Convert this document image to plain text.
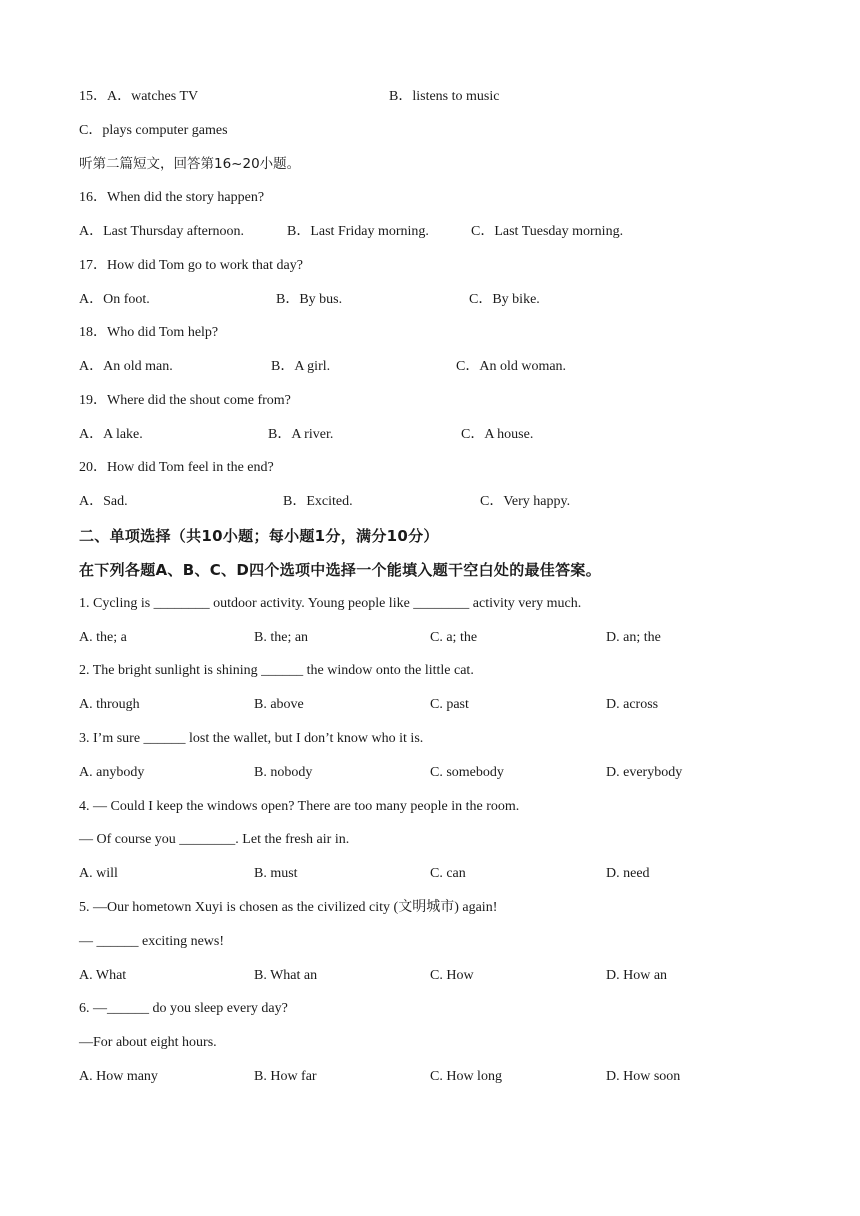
15．A．watches TV	B．listens to music
C．plays computer games
听第二篇短文，回答第16~20小题。
16．When did the story happen?
A．Last Thursday afternoon.	B．Last Friday morning.	C．Last Tuesday morning.
17．How did Tom go to work that day?
A．On foot.	B．By bus.	C．By bike.
18．Who did Tom help?
A．An old man.	B．A girl.	C．An old woman.
19．Where did the shout come from?
A．A lake.	B．A river.	C．A house.
20．How did Tom feel in the end?
A．Sad.	B．Excited.	C．Very happy.
二、单项选择（共10小题；每小题1分，满分10分）
在下列各题A、B、C、D四个选项中选择一个能填入题干空白处的最佳答案。
1. Cycling is ________ outdoor activity. Young people like ________ activity very much.
A. the; a	B. the; an	C. a; the	D. an; the
2. The bright sunlight is shining ______ the window onto the little cat.
A. through	B. above	C. past	D. across
3. I’m sure ______ lost the wallet, but I don’t know who it is.
A. anybody	B. nobody	C. somebody	D. everybody
4. — Could I keep the windows open? There are too many people in the room.
— Of course you ________. Let the fresh air in.
A. will	B. must	C. can	D. need
5. —Our hometown Xuyi is chosen as the civilized city (文明城市) again!
— ______ exciting news!
A. What	B. What an	C. How	D. How an
6. —______ do you sleep every day?
—For about eight hours.
A. How many	B. How far	C. How long	D. How soon
